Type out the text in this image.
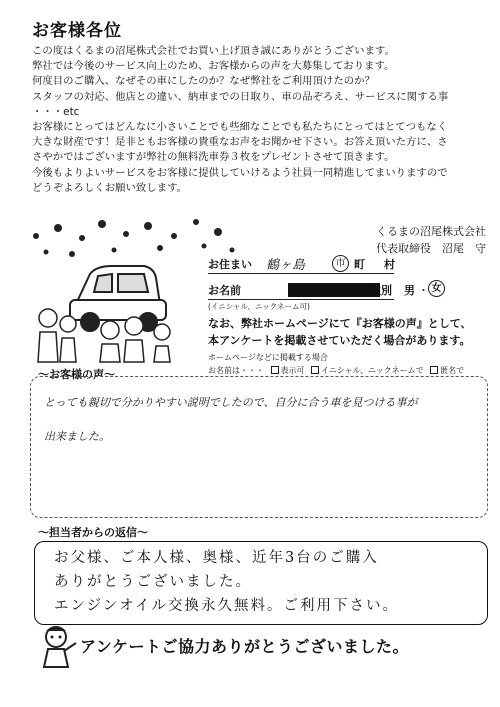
お客様各位
この度はくるまの沼尾株式会社でお買い上げ頂き誠にありがとうございます。
弊社では今後のサービス向上のため、お客様からの声を大募集しております。
何度目のご購入、なぜその車にしたのか？なぜ弊社をご利用頂けたのか？
スタッフの対応、他店との違い、納車までの日取り、車の品ぞろえ、サービスに関する事
・・・etc
お客様にとってはどんなに小さいことでも些細なことでも私たちにとってはとてつもなく
大きな財産です！是非ともお客様の貴重なお声をお聞かせ下さい。お答え頂いた方に、さ
さやかではございますが弊社の無料洗車券３枚をプレゼントさせて頂きます。
今後もよりよいサービスをお客様に提供していけるよう社員一同精進してまいりますので
どうぞよろしくお願い致します。
くるまの沼尾株式会社
代表取締役　沼尾　守
お住まい 鶴ヶ島	市 町 村
お名前
(イニシャル、ニックネーム可)
性別 男 ・ 女
なお、弊社ホームページにて『お客様の声』として、
本アンケートを掲載させていただく場合があります。
ホームページなどに掲載する場合
お名前は・・・ 表示可 イニシャル、ニックネームで 匿名で
〜お客様の声〜
とっても親切で分かりやすい説明でしたので、自分に合う車を見つける事が
出来ました。
〜担当者からの返信〜
お父様、ご本人様、奥様、近年3台のご購入
ありがとうございました。
エンジンオイル交換永久無料。ご利用下さい。
アンケートご協力ありがとうございました。
